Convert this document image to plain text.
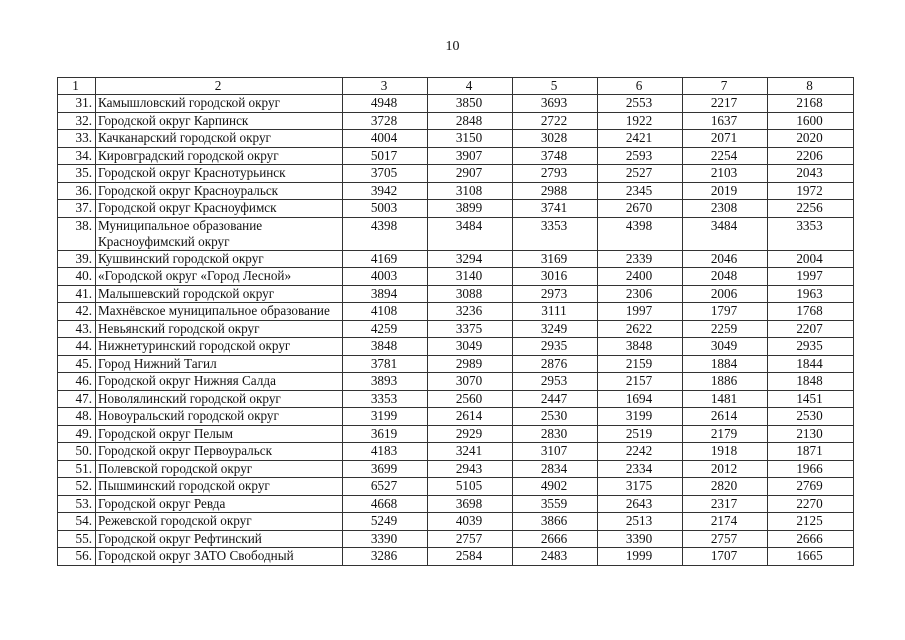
10
1	2	3	4	5	6	7	8
31.	Камышловский городской округ	4948	3850	3693	2553	2217	2168
32.	Городской округ Карпинск	3728	2848	2722	1922	1637	1600
33.	Качканарский городской округ	4004	3150	3028	2421	2071	2020
34.	Кировградский городской округ	5017	3907	3748	2593	2254	2206
35.	Городской округ Краснотурьинск	3705	2907	2793	2527	2103	2043
36.	Городской округ Красноуральск	3942	3108	2988	2345	2019	1972
37.	Городской округ Красноуфимск	5003	3899	3741	2670	2308	2256
38.	Муниципальное образование Красноуфимский округ	4398	3484	3353	4398	3484	3353
39.	Кушвинский городской округ	4169	3294	3169	2339	2046	2004
40.	«Городской округ «Город Лесной»	4003	3140	3016	2400	2048	1997
41.	Малышевский городской округ	3894	3088	2973	2306	2006	1963
42.	Махнёвское муниципальное образование	4108	3236	3111	1997	1797	1768
43.	Невьянский городской округ	4259	3375	3249	2622	2259	2207
44.	Нижнетуринский городской округ	3848	3049	2935	3848	3049	2935
45.	Город Нижний Тагил	3781	2989	2876	2159	1884	1844
46.	Городской округ Нижняя Салда	3893	3070	2953	2157	1886	1848
47.	Новолялинский городской округ	3353	2560	2447	1694	1481	1451
48.	Новоуральский городской округ	3199	2614	2530	3199	2614	2530
49.	Городской округ Пелым	3619	2929	2830	2519	2179	2130
50.	Городской округ Первоуральск	4183	3241	3107	2242	1918	1871
51.	Полевской городской округ	3699	2943	2834	2334	2012	1966
52.	Пышминский городской округ	6527	5105	4902	3175	2820	2769
53.	Городской округ Ревда	4668	3698	3559	2643	2317	2270
54.	Режевской городской округ	5249	4039	3866	2513	2174	2125
55.	Городской округ Рефтинский	3390	2757	2666	3390	2757	2666
56.	Городской округ ЗАТО Свободный	3286	2584	2483	1999	1707	1665
